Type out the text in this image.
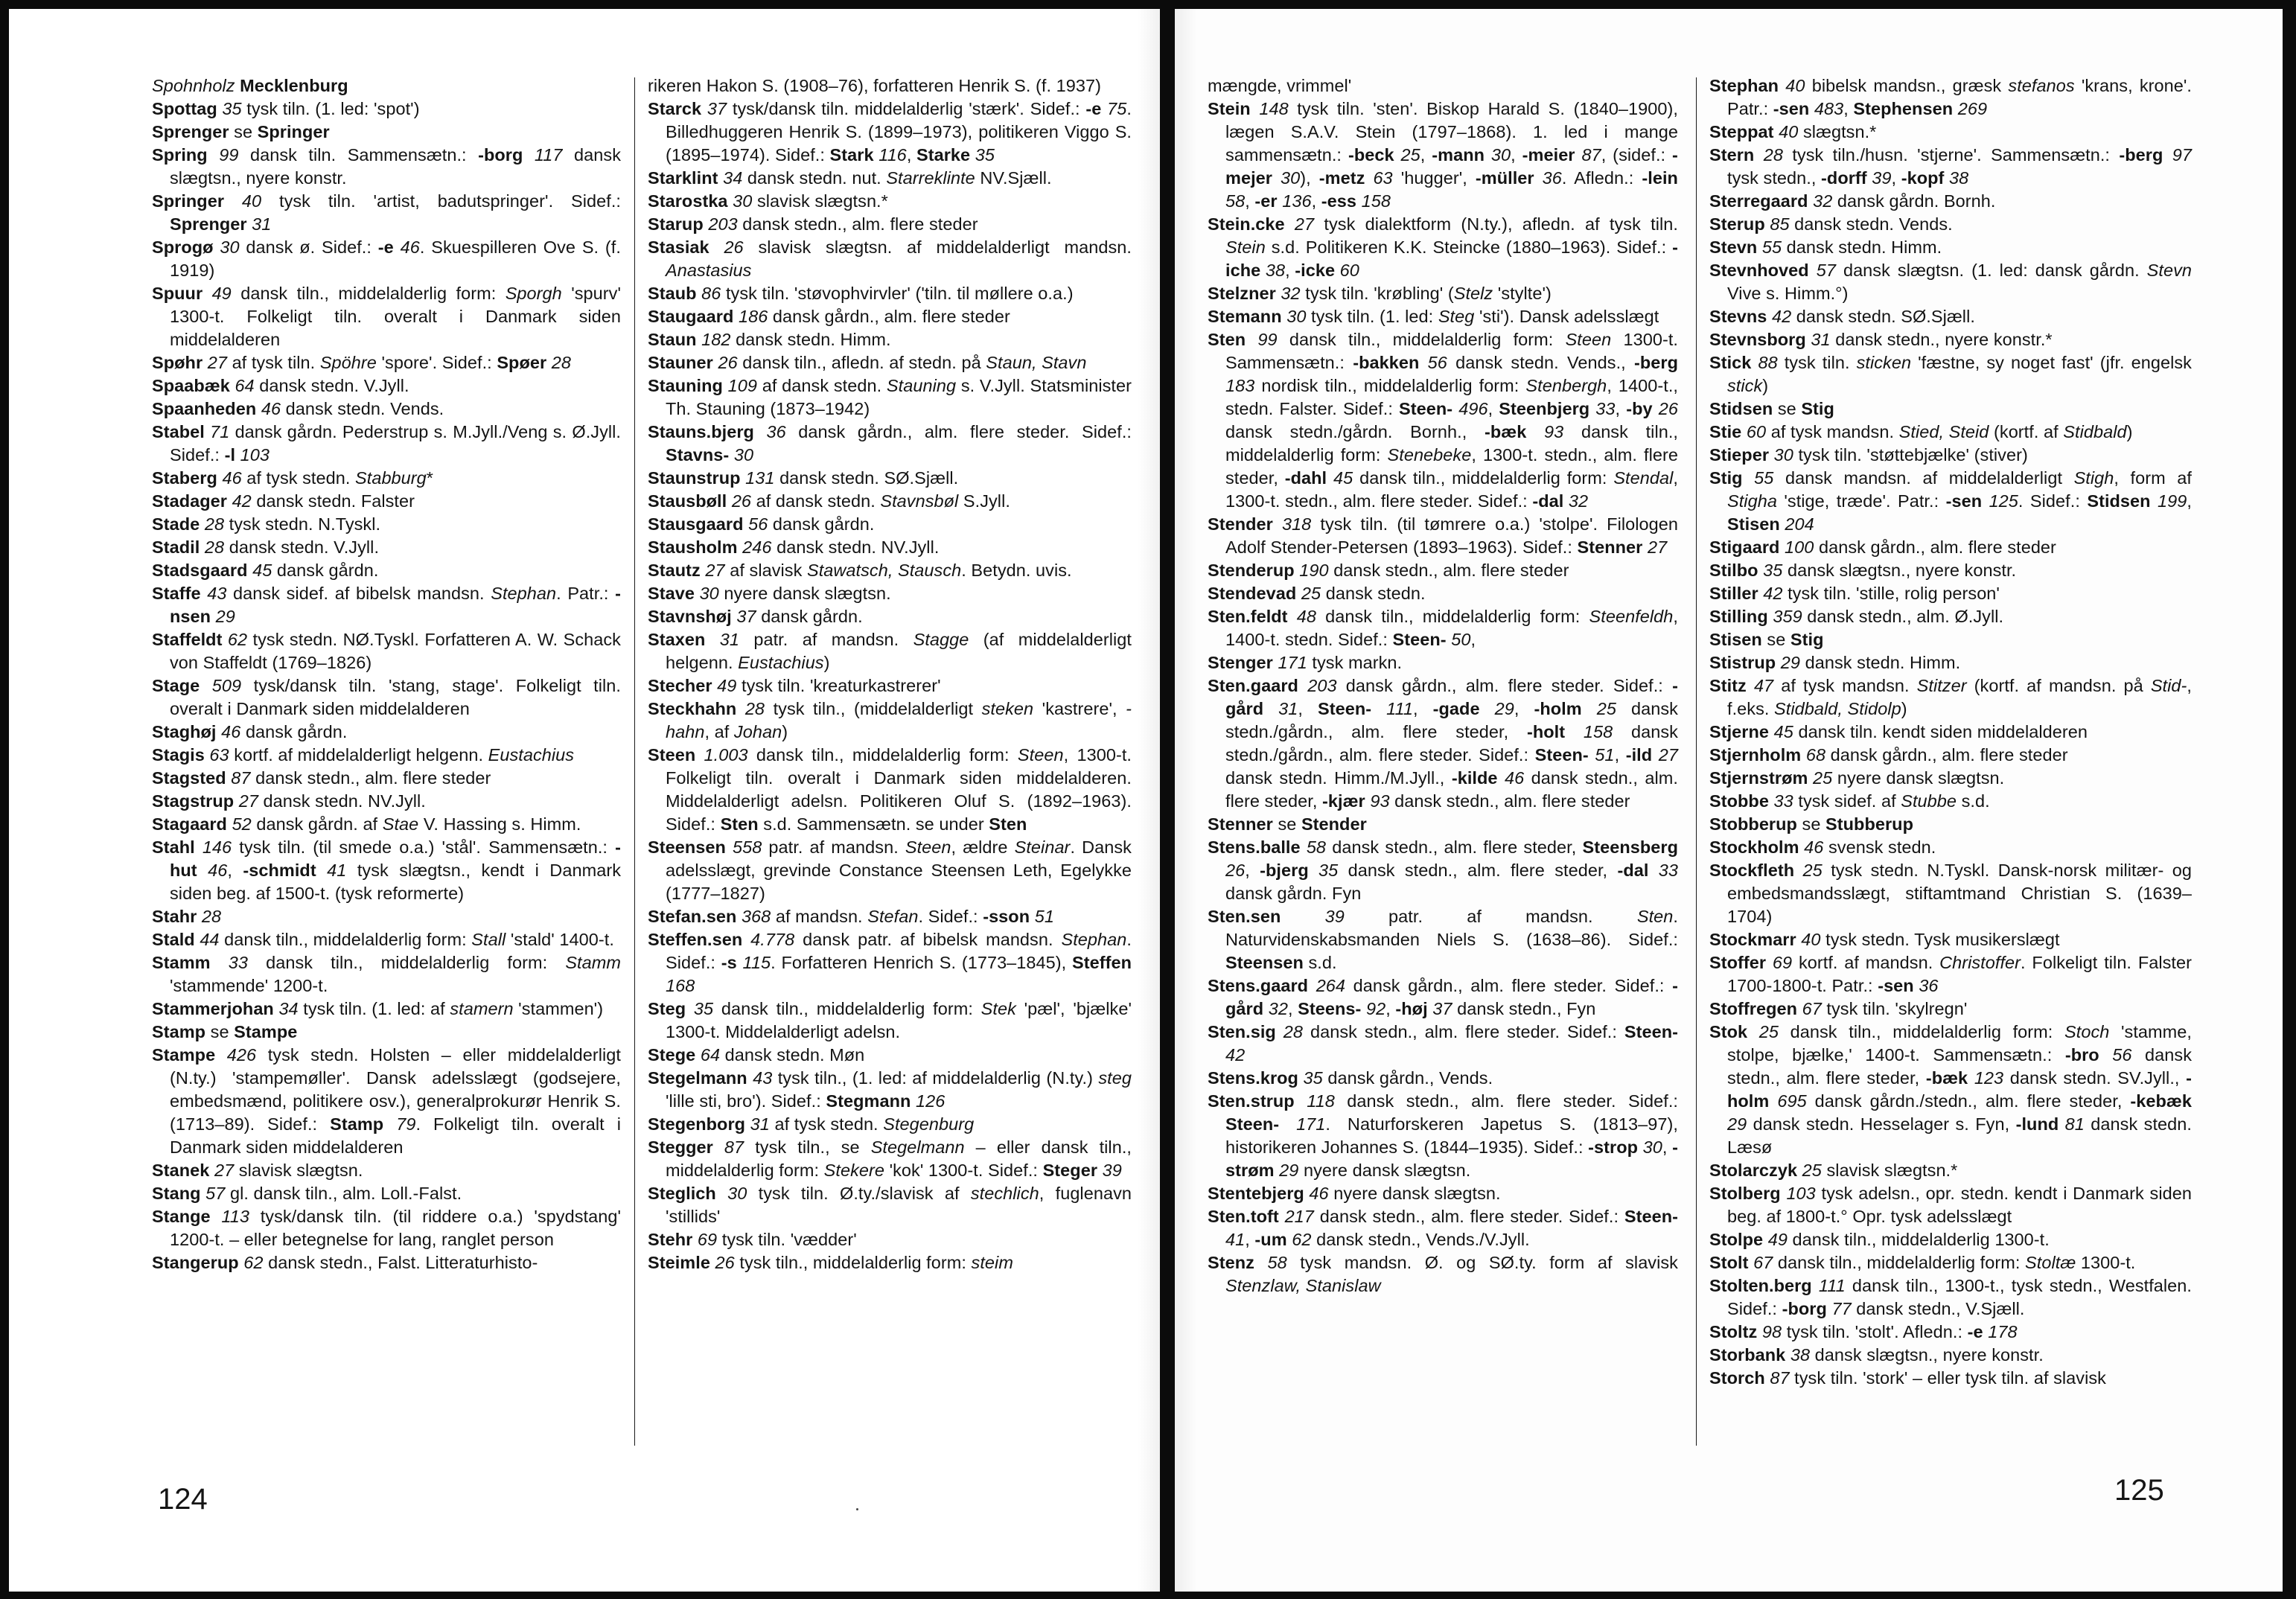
Spohnholz Mecklenburg

Spottag 35 tysk tiln. (1. led: 'spot')

Sprenger se Springer

Spring 99 dansk tiln. Sammensætn.: -borg 117 dansk slægtsn., nyere konstr.

Springer 40 tysk tiln. 'artist, badutspringer'. Sidef.: Sprenger 31

Sprogø 30 dansk ø. Sidef.: -e 46. Skuespilleren Ove S. (f. 1919)

Spuur 49 dansk tiln., middelalderlig form: Sporgh 'spurv' 1300-t. Folkeligt tiln. overalt i Danmark siden middelalderen

Spøhr 27 af tysk tiln. Spöhre 'spore'. Sidef.: Spøer 28

Spaabæk 64 dansk stedn. V.Jyll.

Spaanheden 46 dansk stedn. Vends.

Stabel 71 dansk gårdn. Pederstrup s. M.Jyll./Veng s. Ø.Jyll. Sidef.: -l 103

Staberg 46 af tysk stedn. Stabburg*

Stadager 42 dansk stedn. Falster

Stade 28 tysk stedn. N.Tyskl.

Stadil 28 dansk stedn. V.Jyll.

Stadsgaard 45 dansk gårdn.

Staffe 43 dansk sidef. af bibelsk mandsn. Stephan. Patr.: -nsen 29

Staffeldt 62 tysk stedn. NØ.Tyskl. Forfatteren A. W. Schack von Staffeldt (1769–1826)

Stage 509 tysk/dansk tiln. 'stang, stage'. Folkeligt tiln. overalt i Danmark siden middelalderen

Staghøj 46 dansk gårdn.

Stagis 63 kortf. af middelalderligt helgenn. Eustachius

Stagsted 87 dansk stedn., alm. flere steder

Stagstrup 27 dansk stedn. NV.Jyll.

Stagaard 52 dansk gårdn. af Stae V. Hassing s. Himm.

Stahl 146 tysk tiln. (til smede o.a.) 'stål'. Sammensætn.: -hut 46, -schmidt 41 tysk slægtsn., kendt i Danmark siden beg. af 1500-t. (tysk reformerte)

Stahr 28

Stald 44 dansk tiln., middelalderlig form: Stall 'stald' 1400-t.

Stamm 33 dansk tiln., middelalderlig form: Stamm 'stammende' 1200-t.

Stammerjohan 34 tysk tiln. (1. led: af stamern 'stammen')

Stamp se Stampe

Stampe 426 tysk stedn. Holsten – eller middelalderligt (N.ty.) 'stampemøller'. Dansk adelsslægt (godsejere, embedsmænd, politikere osv.), generalprokurør Henrik S. (1713–89). Sidef.: Stamp 79. Folkeligt tiln. overalt i Danmark siden middelalderen

Stanek 27 slavisk slægtsn.

Stang 57 gl. dansk tiln., alm. Loll.-Falst.

Stange 113 tysk/dansk tiln. (til riddere o.a.) 'spydstang' 1200-t. – eller betegnelse for lang, ranglet person

Stangerup 62 dansk stedn., Falst. Litteraturhisto-

rikeren Hakon S. (1908–76), forfatteren Henrik S. (f. 1937)

Starck 37 tysk/dansk tiln. middelalderlig 'stærk'. Sidef.: -e 75. Billedhuggeren Henrik S. (1899–1973), politikeren Viggo S. (1895–1974). Sidef.: Stark 116, Starke 35

Starklint 34 dansk stedn. nut. Starreklinte NV.Sjæll.

Starostka 30 slavisk slægtsn.*

Starup 203 dansk stedn., alm. flere steder

Stasiak 26 slavisk slægtsn. af middelalderligt mandsn. Anastasius

Staub 86 tysk tiln. 'støvophvirvler' ('tiln. til møllere o.a.)

Staugaard 186 dansk gårdn., alm. flere steder

Staun 182 dansk stedn. Himm.

Stauner 26 dansk tiln., afledn. af stedn. på Staun, Stavn

Stauning 109 af dansk stedn. Stauning s. V.Jyll. Statsminister Th. Stauning (1873–1942)

Stauns.bjerg 36 dansk gårdn., alm. flere steder. Sidef.: Stavns- 30

Staunstrup 131 dansk stedn. SØ.Sjæll.

Stausbøll 26 af dansk stedn. Stavnsbøl S.Jyll.

Stausgaard 56 dansk gårdn.

Stausholm 246 dansk stedn. NV.Jyll.

Stautz 27 af slavisk Stawatsch, Stausch. Betydn. uvis.

Stave 30 nyere dansk slægtsn.

Stavnshøj 37 dansk gårdn.

Staxen 31 patr. af mandsn. Stagge (af middelalderligt helgenn. Eustachius)

Stecher 49 tysk tiln. 'kreaturkastrerer'

Steckhahn 28 tysk tiln., (middelalderligt steken 'kastrere', -hahn, af Johan)

Steen 1.003 dansk tiln., middelalderlig form: Steen, 1300-t. Folkeligt tiln. overalt i Danmark siden middelalderen. Middelalderligt adelsn. Politikeren Oluf S. (1892–1963). Sidef.: Sten s.d. Sammensætn. se under Sten

Steensen 558 patr. af mandsn. Steen, ældre Steinar. Dansk adelsslægt, grevinde Constance Steensen Leth, Egelykke (1777–1827)

Stefan.sen 368 af mandsn. Stefan. Sidef.: -sson 51

Steffen.sen 4.778 dansk patr. af bibelsk mandsn. Stephan. Sidef.: -s 115. Forfatteren Henrich S. (1773–1845), Steffen 168

Steg 35 dansk tiln., middelalderlig form: Stek 'pæl', 'bjælke' 1300-t. Middelalderligt adelsn.

Stege 64 dansk stedn. Møn

Stegelmann 43 tysk tiln., (1. led: af middelalderlig (N.ty.) steg 'lille sti, bro'). Sidef.: Stegmann 126

Stegenborg 31 af tysk stedn. Stegenburg

Stegger 87 tysk tiln., se Stegelmann – eller dansk tiln., middelalderlig form: Stekere 'kok' 1300-t. Sidef.: Steger 39

Steglich 30 tysk tiln. Ø.ty./slavisk af stechlich, fuglenavn 'stillids'

Stehr 69 tysk tiln. 'vædder'

Steimle 26 tysk tiln., middelalderlig form: steim

124

mængde, vrimmel'

Stein 148 tysk tiln. 'sten'. Biskop Harald S. (1840–1900), lægen S.A.V. Stein (1797–1868). 1. led i mange sammensætn.: -beck 25, -mann 30, -meier 87, (sidef.: -mejer 30), -metz 63 'hugger', -müller 36. Afledn.: -lein 58, -er 136, -ess 158

Stein.cke 27 tysk dialektform (N.ty.), afledn. af tysk tiln. Stein s.d. Politikeren K.K. Steincke (1880–1963). Sidef.: -iche 38, -icke 60

Stelzner 32 tysk tiln. 'krøbling' (Stelz 'stylte')

Stemann 30 tysk tiln. (1. led: Steg 'sti'). Dansk adelsslægt

Sten 99 dansk tiln., middelalderlig form: Steen 1300-t. Sammensætn.: -bakken 56 dansk stedn. Vends., -berg 183 nordisk tiln., middelalderlig form: Stenbergh, 1400-t., stedn. Falster. Sidef.: Steen- 496, Steenbjerg 33, -by 26 dansk stedn./gårdn. Bornh., -bæk 93 dansk tiln., middelalderlig form: Stenebeke, 1300-t. stedn., alm. flere steder, -dahl 45 dansk tiln., middelalderlig form: Stendal, 1300-t. stedn., alm. flere steder. Sidef.: -dal 32

Stender 318 tysk tiln. (til tømrere o.a.) 'stolpe'. Filologen Adolf Stender-Petersen (1893–1963). Sidef.: Stenner 27

Stenderup 190 dansk stedn., alm. flere steder

Stendevad 25 dansk stedn.

Sten.feldt 48 dansk tiln., middelalderlig form: Steenfeldh, 1400-t. stedn. Sidef.: Steen- 50,

Stenger 171 tysk markn.

Sten.gaard 203 dansk gårdn., alm. flere steder. Sidef.: -gård 31, Steen- 111, -gade 29, -holm 25 dansk stedn./gårdn., alm. flere steder, -holt 158 dansk stedn./gårdn., alm. flere steder. Sidef.: Steen- 51, -ild 27 dansk stedn. Himm./M.Jyll., -kilde 46 dansk stedn., alm. flere steder, -kjær 93 dansk stedn., alm. flere steder

Stenner se Stender

Stens.balle 58 dansk stedn., alm. flere steder, Steensberg 26, -bjerg 35 dansk stedn., alm. flere steder, -dal 33 dansk gårdn. Fyn

Sten.sen	39 patr. af mandsn. Sten. Naturvidenskabsmanden Niels S. (1638–86). Sidef.: Steensen s.d.

Stens.gaard 264 dansk gårdn., alm. flere steder. Sidef.: -gård 32, Steens- 92, -høj 37 dansk stedn., Fyn

Sten.sig 28 dansk stedn., alm. flere steder. Sidef.: Steen- 42

Stens.krog 35 dansk gårdn., Vends.

Sten.strup 118 dansk stedn., alm. flere steder. Sidef.: Steen- 171. Naturforskeren Japetus S. (1813–97), historikeren Johannes S. (1844–1935). Sidef.: -strop 30, -strøm 29 nyere dansk slægtsn.

Stentebjerg 46 nyere dansk slægtsn.

Sten.toft 217 dansk stedn., alm. flere steder. Sidef.: Steen- 41, -um 62 dansk stedn., Vends./V.Jyll.

Stenz 58 tysk mandsn. Ø. og SØ.ty. form af slavisk Stenzlaw, Stanislaw

Stephan 40 bibelsk mandsn., græsk stefanos 'krans, krone'. Patr.: -sen 483, Stephensen 269

Steppat 40 slægtsn.*

Stern 28 tysk tiln./husn. 'stjerne'. Sammensætn.: -berg 97 tysk stedn., -dorff 39, -kopf 38

Sterregaard 32 dansk gårdn. Bornh.

Sterup 85 dansk stedn. Vends.

Stevn 55 dansk stedn. Himm.

Stevnhoved 57 dansk slægtsn. (1. led: dansk gårdn. Stevn Vive s. Himm.°)

Stevns 42 dansk stedn. SØ.Sjæll.

Stevnsborg 31 dansk stedn., nyere konstr.*

Stick 88 tysk tiln. sticken 'fæstne, sy noget fast' (jfr. engelsk stick)

Stidsen se Stig

Stie 60 af tysk mandsn. Stied, Steid (kortf. af Stidbald)

Stieper 30 tysk tiln. 'støttebjælke' (stiver)

Stig 55 dansk mandsn. af middelalderligt Stigh, form af Stigha 'stige, træde'. Patr.: -sen 125. Sidef.: Stidsen 199, Stisen 204

Stigaard 100 dansk gårdn., alm. flere steder

Stilbo 35 dansk slægtsn., nyere konstr.

Stiller 42 tysk tiln. 'stille, rolig person'

Stilling 359 dansk stedn., alm. Ø.Jyll.

Stisen se Stig

Stistrup 29 dansk stedn. Himm.

Stitz 47 af tysk mandsn. Stitzer (kortf. af mandsn. på Stid-, f.eks. Stidbald, Stidolp)

Stjerne 45 dansk tiln. kendt siden middelalderen

Stjernholm 68 dansk gårdn., alm. flere steder

Stjernstrøm 25 nyere dansk slægtsn.

Stobbe 33 tysk sidef. af Stubbe s.d.

Stobberup se Stubberup

Stockholm 46 svensk stedn.

Stockfleth 25 tysk stedn. N.Tyskl. Dansk-norsk militær- og embedsmandsslægt, stiftamtmand Christian S. (1639–1704)

Stockmarr 40 tysk stedn. Tysk musikerslægt

Stoffer 69 kortf. af mandsn. Christoffer. Folkeligt tiln. Falster 1700-1800-t. Patr.: -sen 36

Stoffregen 67 tysk tiln. 'skylregn'

Stok 25 dansk tiln., middelalderlig form: Stoch 'stamme, stolpe, bjælke,' 1400-t. Sammensætn.: -bro 56 dansk stedn., alm. flere steder, -bæk 123 dansk stedn. SV.Jyll., -holm 695 dansk gårdn./stedn., alm. flere steder, -kebæk 29 dansk stedn. Hesselager s. Fyn, -lund 81 dansk stedn. Læsø

Stolarczyk 25 slavisk slægtsn.*

Stolberg 103 tysk adelsn., opr. stedn. kendt i Danmark siden beg. af 1800-t.° Opr. tysk adelsslægt

Stolpe 49 dansk tiln., middelalderlig 1300-t.

Stolt 67 dansk tiln., middelalderlig form: Stoltæ 1300-t.

Stolten.berg 111 dansk tiln., 1300-t., tysk stedn., Westfalen. Sidef.: -borg 77 dansk stedn., V.Sjæll.

Stoltz 98 tysk tiln. 'stolt'. Afledn.: -e 178

Storbank 38 dansk slægtsn., nyere konstr.

Storch 87 tysk tiln. 'stork' – eller tysk tiln. af slavisk

125
